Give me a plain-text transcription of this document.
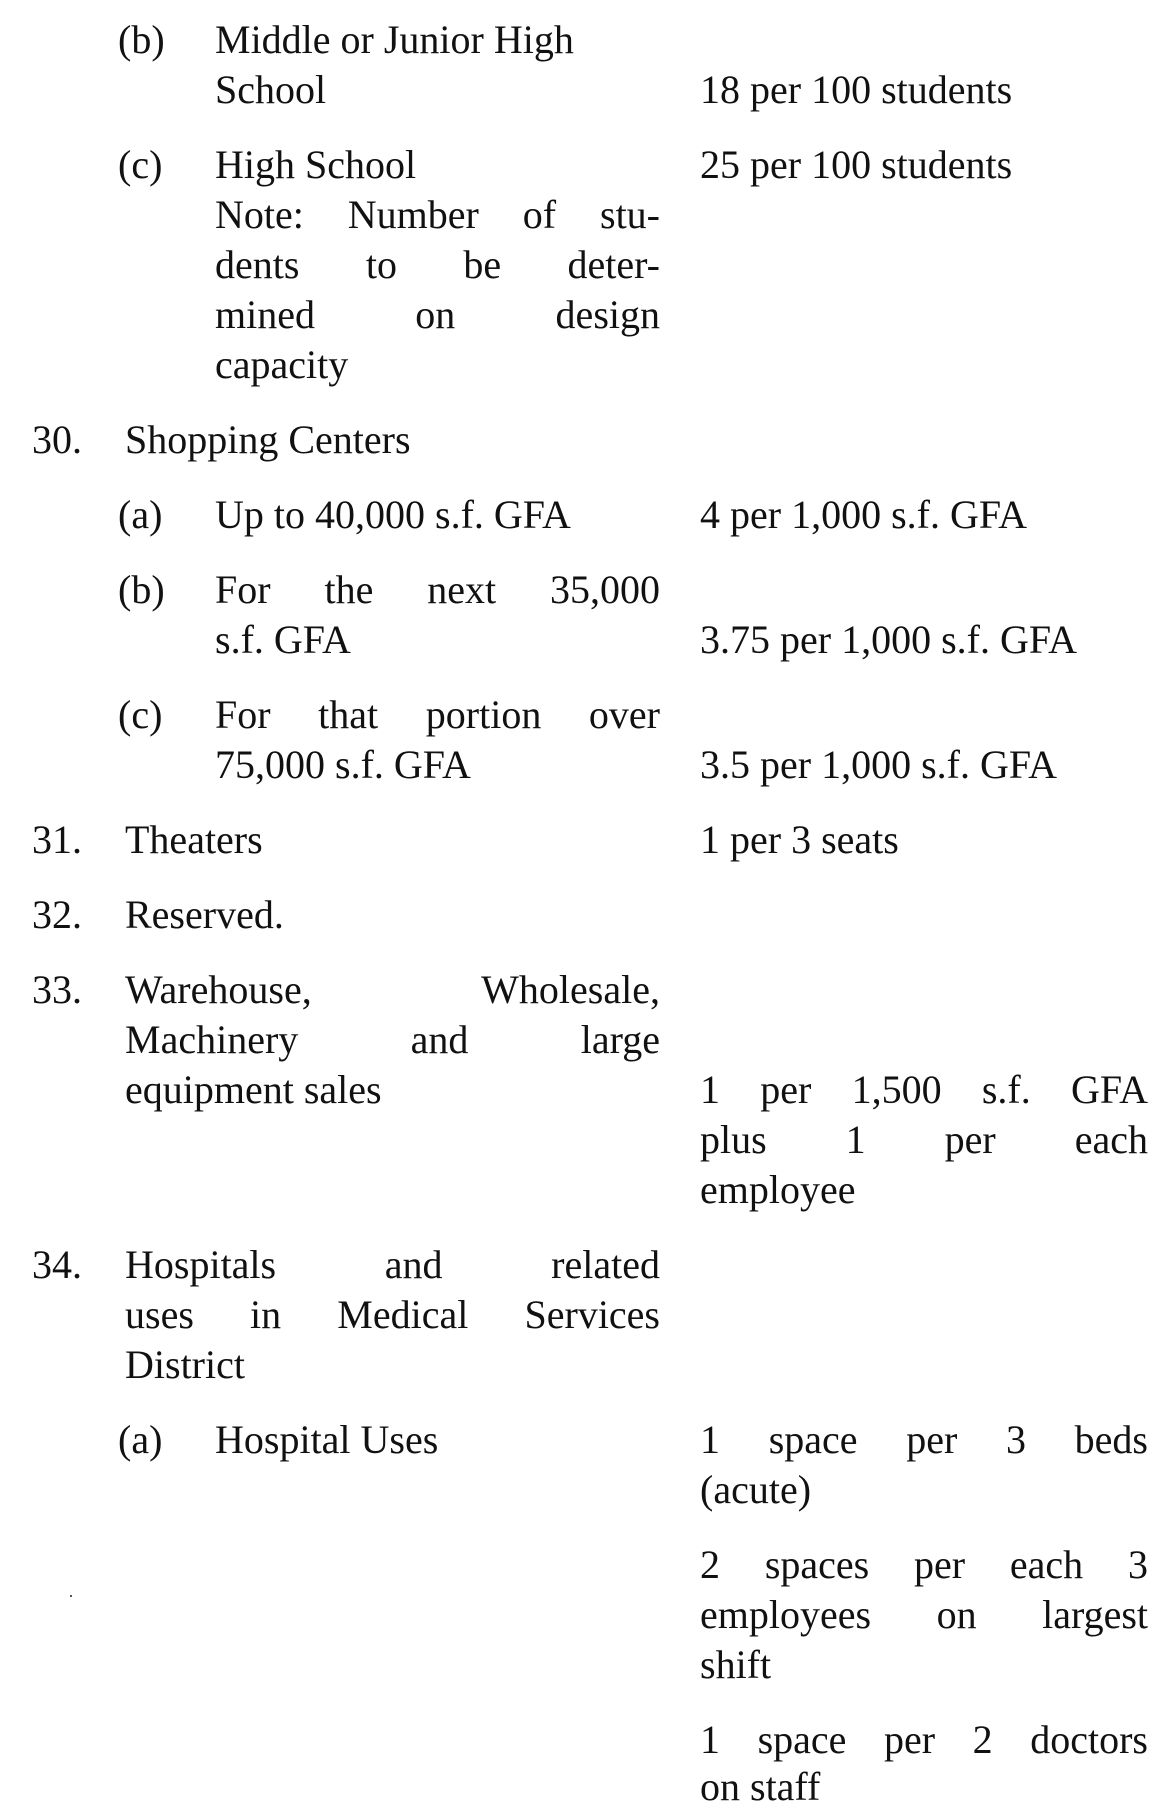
(b) Middle or Junior High
School	18 per 100 students
(c) High School	25 per 100 students
Note: Number of stu-
dents to be deter-
mined on design
capacity
30. Shopping Centers
(a) Up to 40,000 s.f. GFA	4 per 1,000 s.f. GFA
(b) For the next 35,000
s.f. GFA	3.75 per 1,000 s.f. GFA
(c) For that portion over
75,000 s.f. GFA	3.5 per 1,000 s.f. GFA
31. Theaters	1 per 3 seats
32. Reserved.
33. Warehouse, Wholesale,
Machinery and large
equipment sales	1 per 1,500 s.f. GFA
plus 1 per each
employee
34. Hospitals and related
uses in Medical Services
District
(a) Hospital Uses	1 space per 3 beds
(acute)
2 spaces per each 3
employees on largest
shift
1 space per 2 doctors
on staff
